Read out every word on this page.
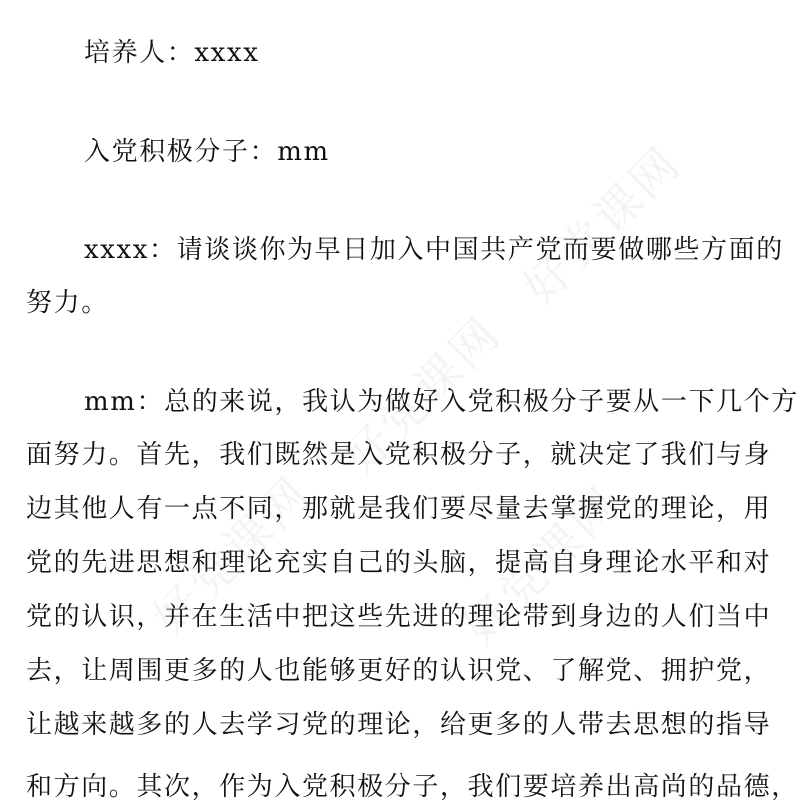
好党课网
好党课网
好党课网	好党课网
培养人：xxxx
入党积极分子：mm
xxxx：请谈谈你为早日加入中国共产党而要做哪些方面的
努力。
mm：总的来说，我认为做好入党积极分子要从一下几个方
面努力。首先，我们既然是入党积极分子，就决定了我们与身
边其他人有一点不同，那就是我们要尽量去掌握党的理论，用
党的先进思想和理论充实自己的头脑，提高自身理论水平和对
党的认识，并在生活中把这些先进的理论带到身边的人们当中
去，让周围更多的人也能够更好的认识党、了解党、拥护党，
让越来越多的人去学习党的理论，给更多的人带去思想的指导
和方向。其次，作为入党积极分子，我们要培养出高尚的品德，
